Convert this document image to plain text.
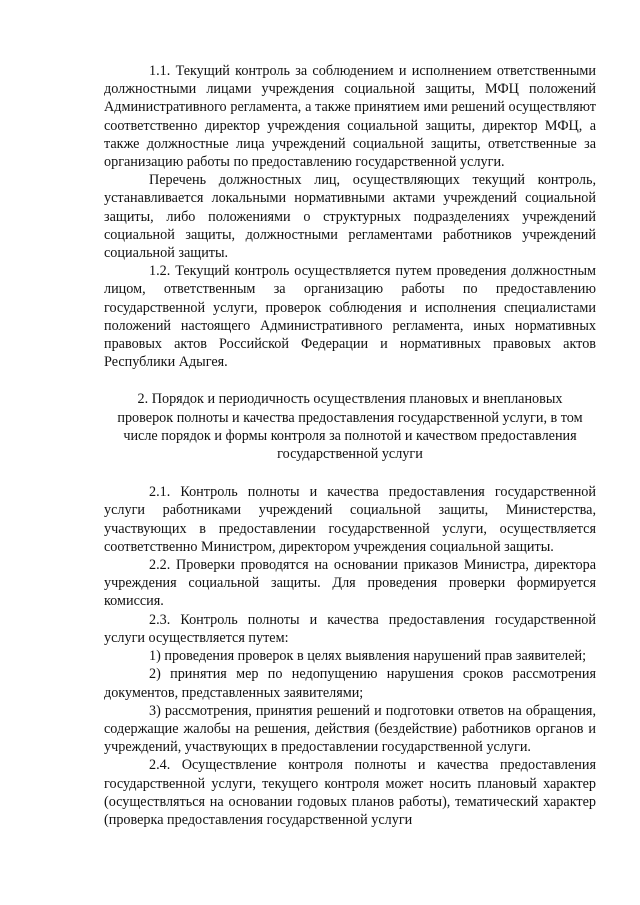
1.1. Текущий контроль за соблюдением и исполнением ответственными должностными лицами учреждения социальной защиты, МФЦ положений Административного регламента, а также принятием ими решений осуществляют соответственно директор учреждения социальной защиты, директор МФЦ, а также должностные лица учреждений социальной защиты, ответственные за организацию работы по предоставлению государственной услуги.

Перечень должностных лиц, осуществляющих текущий контроль, устанавливается локальными нормативными актами учреждений социальной защиты, либо положениями о структурных подразделениях учреждений социальной защиты, должностными регламентами работников учреждений социальной защиты.

1.2. Текущий контроль осуществляется путем проведения должностным лицом, ответственным за организацию работы по предоставлению государственной услуги, проверок соблюдения и исполнения специалистами положений настоящего Административного регламента, иных нормативных правовых актов Российской Федерации и нормативных правовых актов Республики Адыгея.

2. Порядок и периодичность осуществления плановых и внеплановых проверок полноты и качества предоставления государственной услуги, в том числе порядок и формы контроля за полнотой и качеством предоставления государственной услуги

2.1. Контроль полноты и качества предоставления государственной услуги работниками учреждений социальной защиты, Министерства, участвующих в предоставлении государственной услуги, осуществляется соответственно Министром, директором учреждения социальной защиты.

2.2. Проверки проводятся на основании приказов Министра, директора учреждения социальной защиты. Для проведения проверки формируется комиссия.

2.3. Контроль полноты и качества предоставления государственной услуги осуществляется путем:

1) проведения проверок в целях выявления нарушений прав заявителей;

2) принятия мер по недопущению нарушения сроков рассмотрения документов, представленных заявителями;

3) рассмотрения, принятия решений и подготовки ответов на обращения, содержащие жалобы на решения, действия (бездействие) работников органов и учреждений, участвующих в предоставлении государственной услуги.

2.4. Осуществление контроля полноты и качества предоставления государственной услуги, текущего контроля может носить плановый характер (осуществляться на основании годовых планов работы), тематический характер (проверка предоставления государственной услуги
